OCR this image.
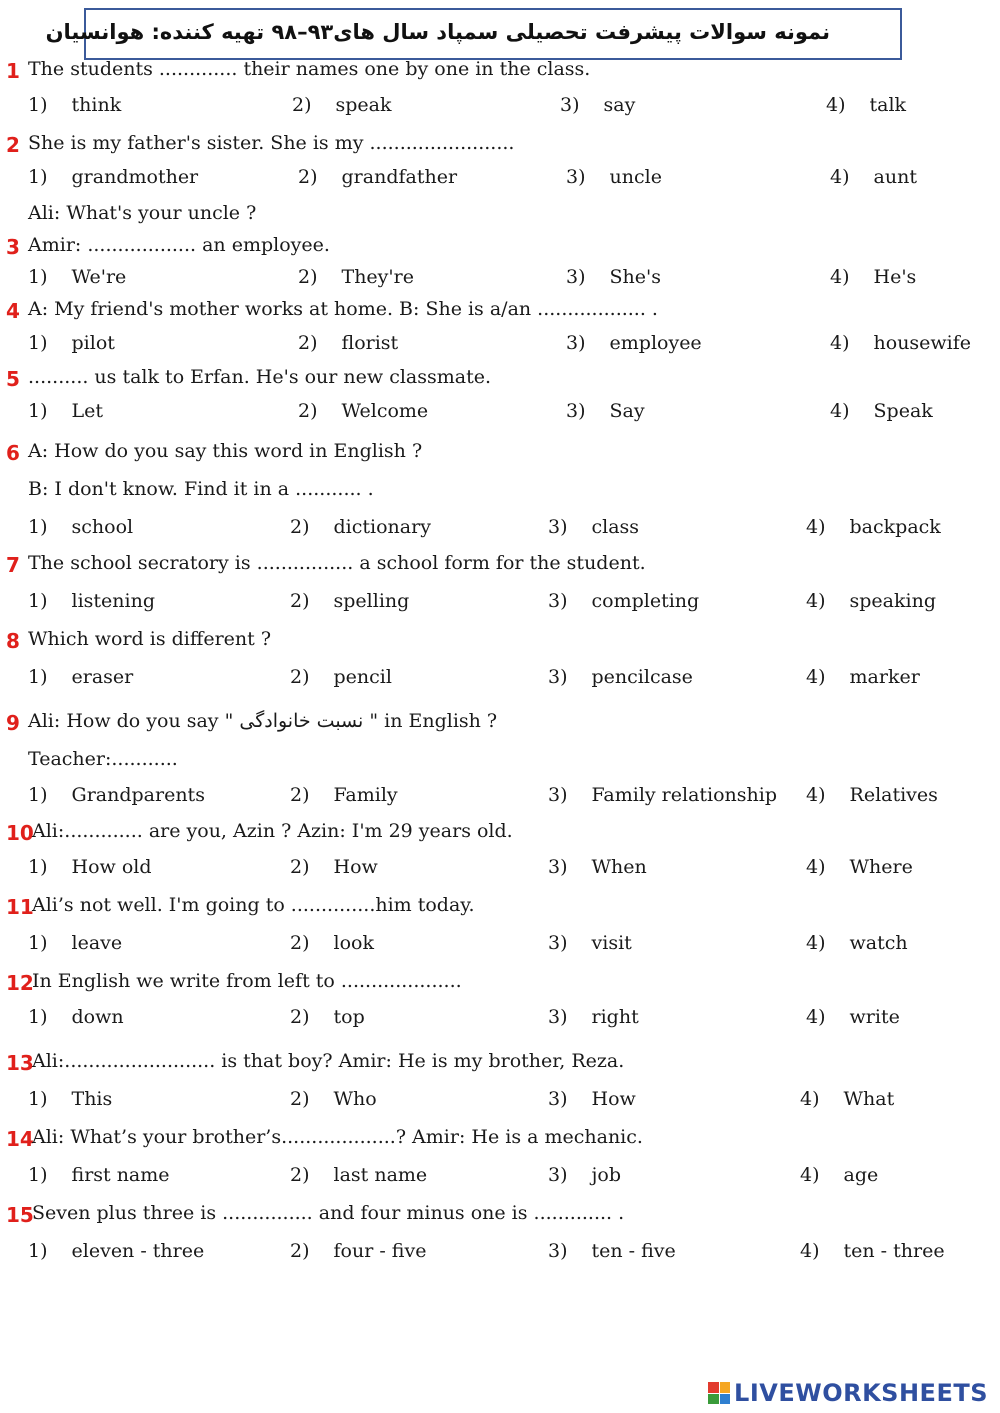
نمونه سوالات پیشرفت تحصیلی سمپاد سال های۹۳–۹۸ تهیه کننده: هوانسیان
1 The students ............. their names one by one in the class.
1) think	2) speak	3) say	4) talk
2 She is my father's sister. She is my ........................
1) grandmother	2) grandfather	3) uncle	4) aunt
Ali: What's your uncle ?
3 Amir: .................. an employee.
1) We're	2) They're	3) She's	4) He's
4 A: My friend's mother works at home. B: She is a/an .................. .
1) pilot	2) florist	3) employee	4) housewife
5 .......... us talk to Erfan. He's our new classmate.
1) Let	2) Welcome	3) Say	4) Speak
6 A: How do you say this word in English ?
B: I don't know. Find it in a ........... .
1) school	2) dictionary	3) class	4) backpack
7 The school secratory is ................ a school form for the student.
1) listening	2) spelling	3) completing	4) speaking
8 Which word is different ?
1) eraser	2) pencil	3) pencilcase	4) marker
9 Ali: How do you say " نسبت خانوادگی " in English ?
Teacher:...........
1) Grandparents	2) Family	3) Family relationship 4) Relatives
10
Ali:............. are you, Azin ? Azin: I'm 29 years old.
1) How old	2) How	3) When	4) Where
11
Ali’s not well. I'm going to ..............him today.
1) leave	2) look	3) visit	4) watch
12
In English we write from left to ....................
1) down	2) top	3) right	4) write
13
Ali:......................... is that boy? Amir: He is my brother, Reza.
1) This	2) Who	3) How	4) What
14
Ali: What’s your brother’s...................? Amir: He is a mechanic.
1) first name	2) last name	3) job	4) age
15
Seven plus three is ............... and four minus one is ............. .
1) eleven - three	2) four - five	3) ten - five	4) ten - three
LIVEWORKSHEETS
